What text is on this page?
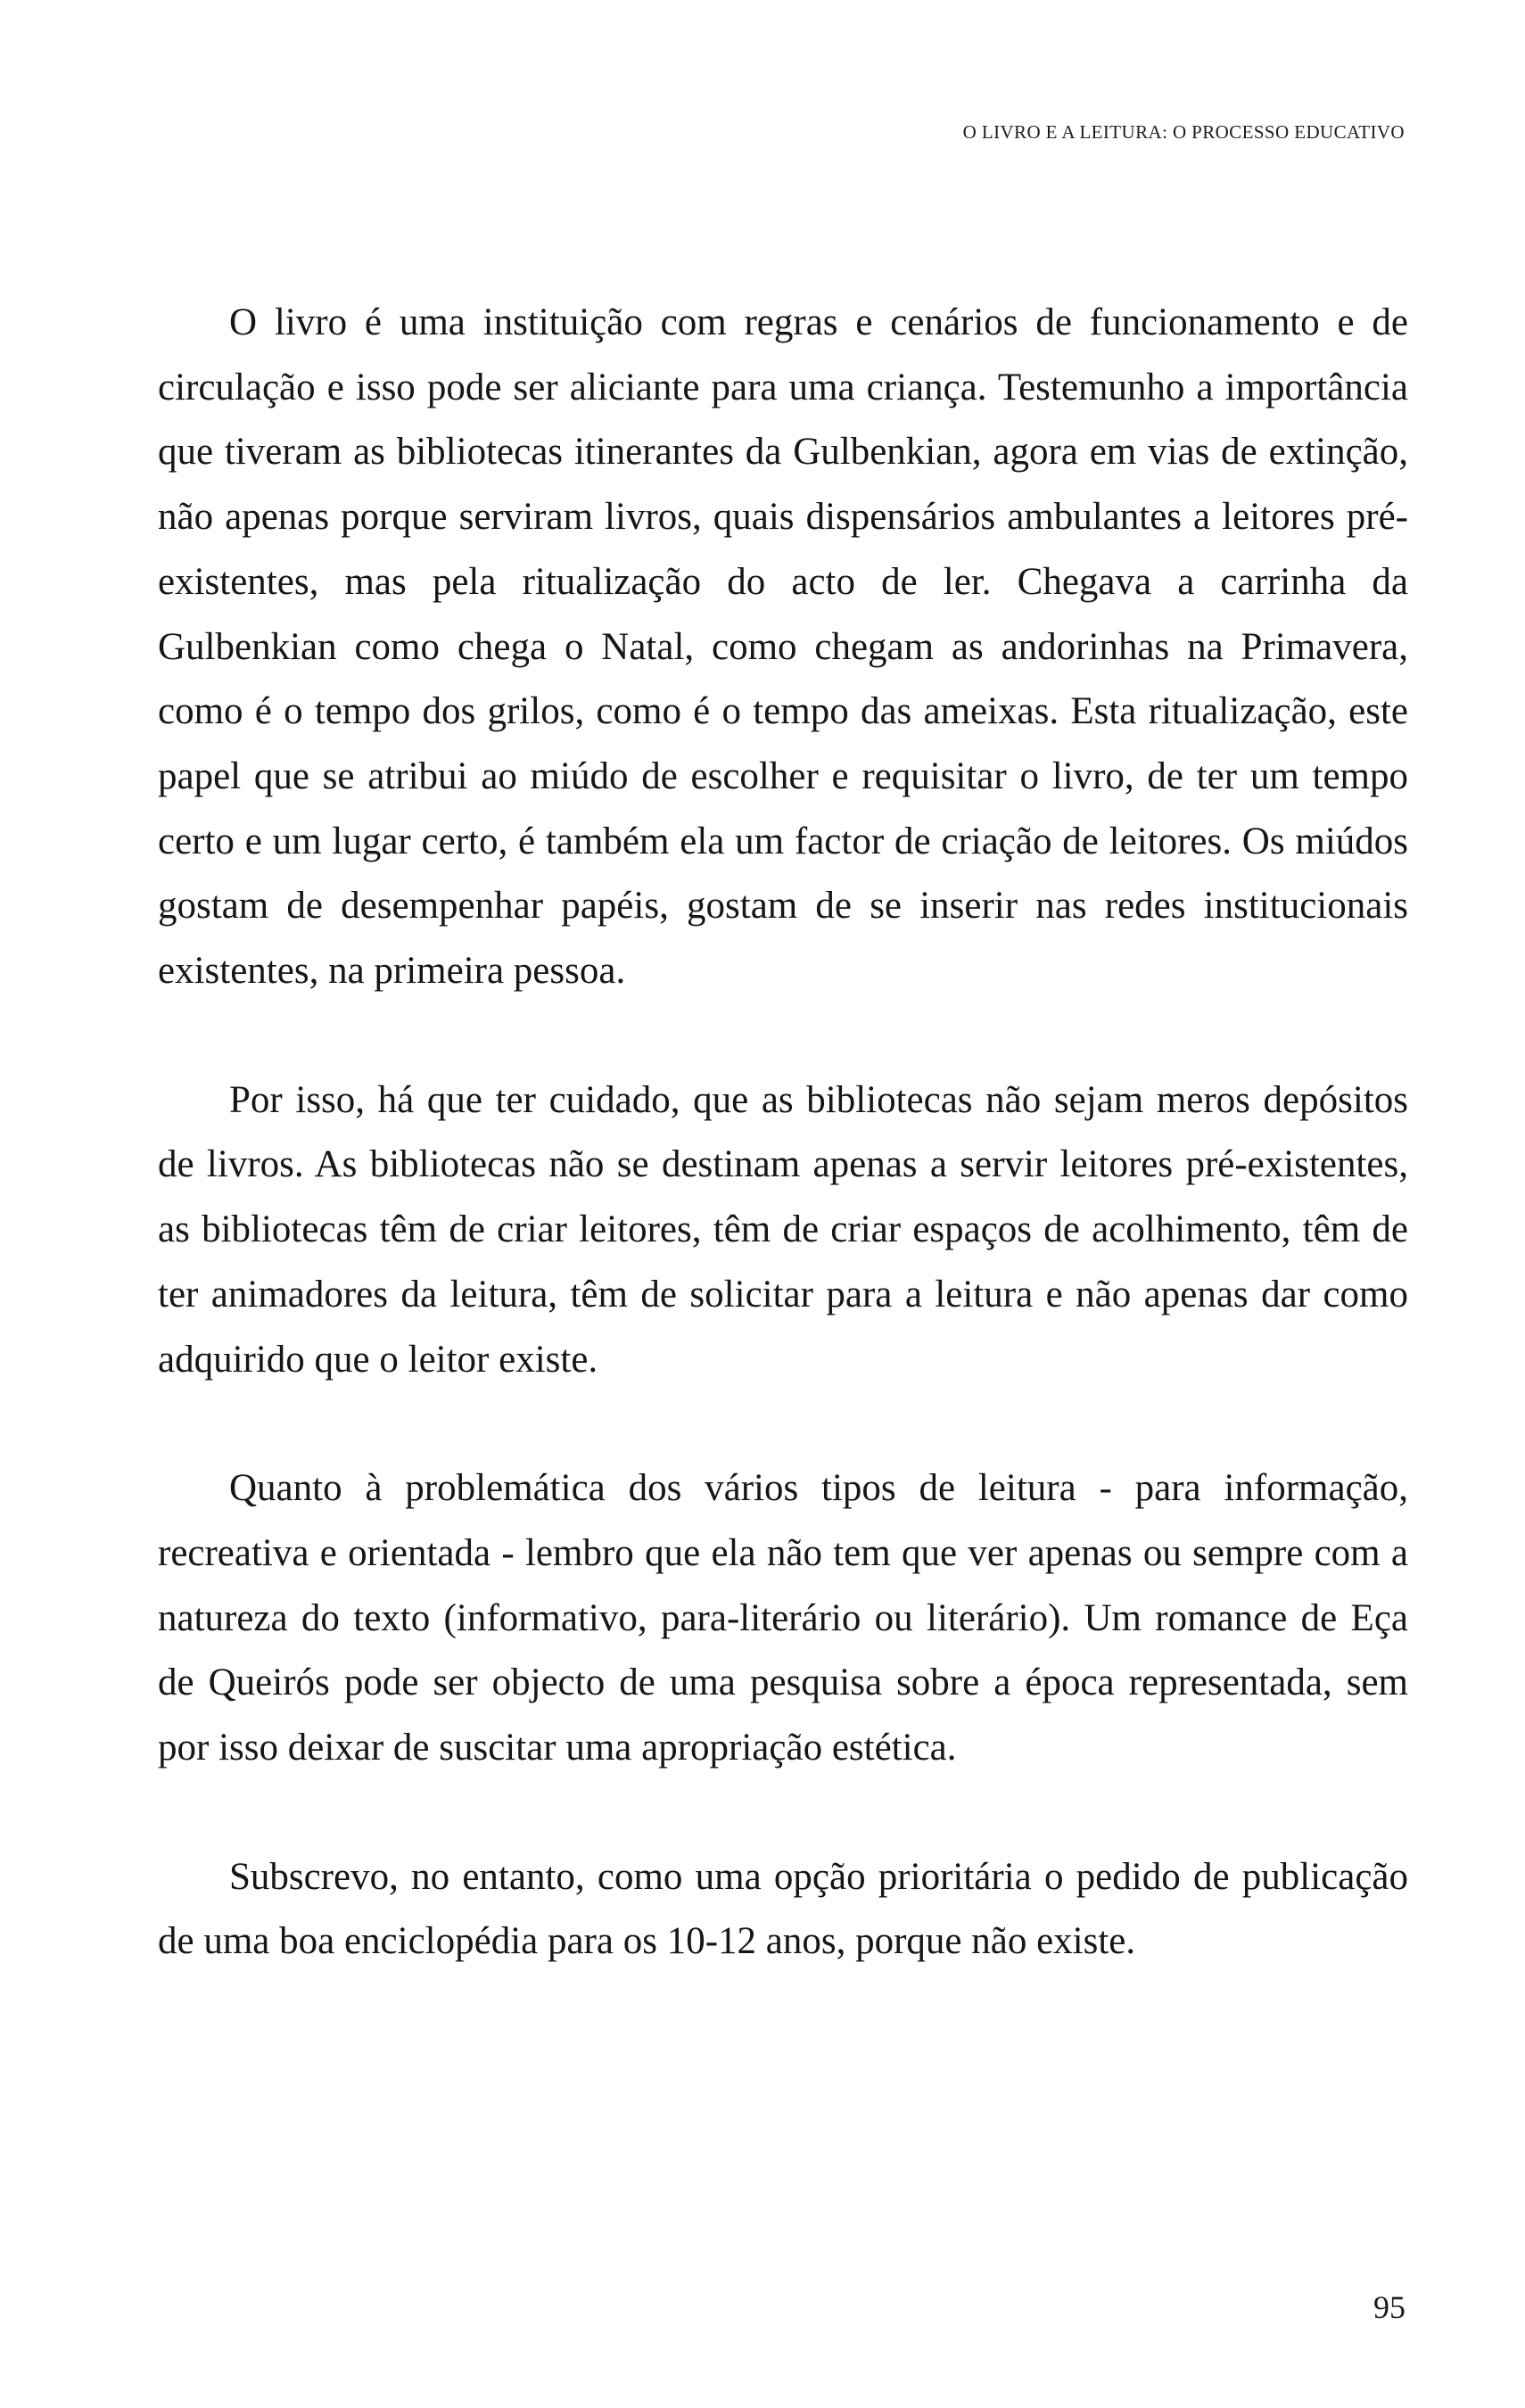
O LIVRO E A LEITURA: O PROCESSO EDUCATIVO

O livro é uma instituição com regras e cenários de funcionamento e de circulação e isso pode ser aliciante para uma criança. Testemunho a importância que tiveram as bibliotecas itinerantes da Gulbenkian, agora em vias de extinção, não apenas porque serviram livros, quais dispensários ambulantes a leitores pré-existentes, mas pela ritualização do acto de ler. Chegava a carrinha da Gulbenkian como chega o Natal, como chegam as andorinhas na Primavera, como é o tempo dos grilos, como é o tempo das ameixas. Esta ritualização, este papel que se atribui ao miúdo de escolher e requisitar o livro, de ter um tempo certo e um lugar certo, é também ela um factor de criação de leitores. Os miúdos gostam de desempenhar papéis, gostam de se inserir nas redes institucionais existentes, na primeira pessoa.

Por isso, há que ter cuidado, que as bibliotecas não sejam meros depósitos de livros. As bibliotecas não se destinam apenas a servir leitores pré-existentes, as bibliotecas têm de criar leitores, têm de criar espaços de acolhimento, têm de ter animadores da leitura, têm de solicitar para a leitura e não apenas dar como adquirido que o leitor existe.

Quanto à problemática dos vários tipos de leitura - para informação, recreativa e orientada - lembro que ela não tem que ver apenas ou sempre com a natureza do texto (informativo, para-literário ou literário). Um romance de Eça de Queirós pode ser objecto de uma pesquisa sobre a época representada, sem por isso deixar de suscitar uma apropriação estética.

Subscrevo, no entanto, como uma opção prioritária o pedido de publicação de uma boa enciclopédia para os 10-12 anos, porque não existe.

95
